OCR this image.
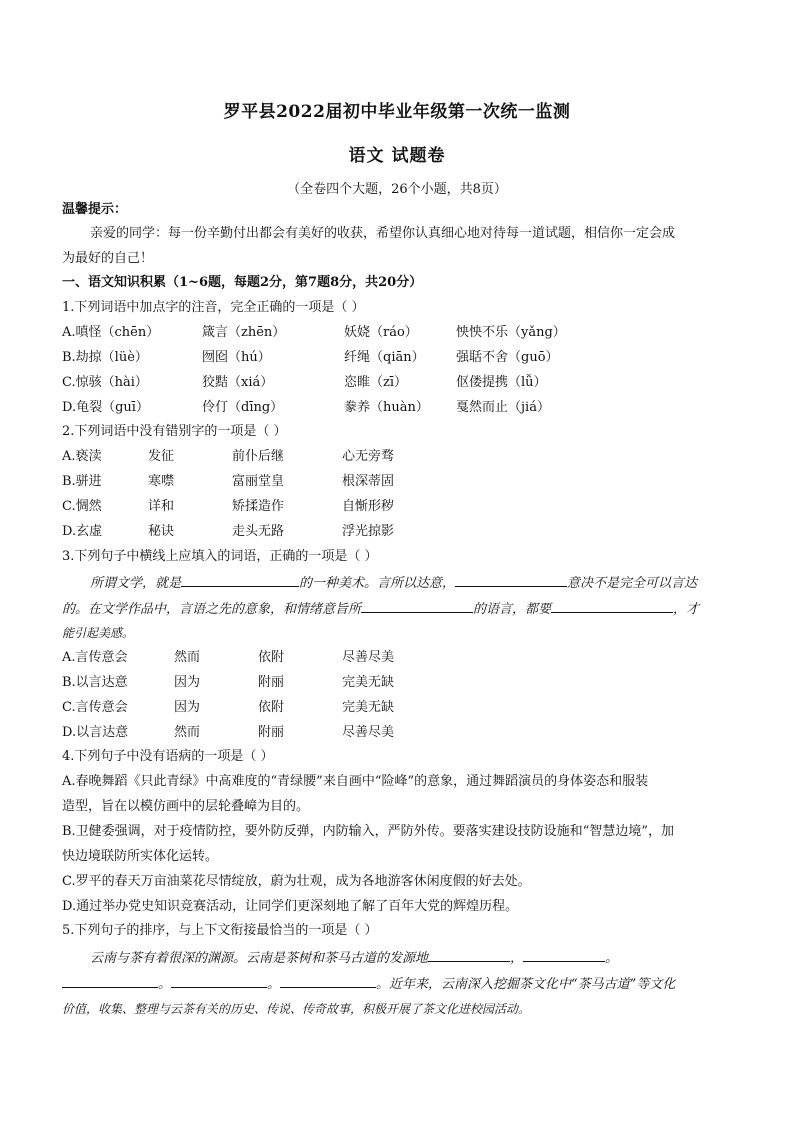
罗平县2022届初中毕业年级第一次统一监测
语文 试题卷
（全卷四个大题，26个小题，共8页）
温馨提示：
亲爱的同学：每一份辛勤付出都会有美好的收获，希望你认真细心地对待每一道试题，相信你一定会成
为最好的自己！
一、语文知识积累（1~6题，每题2分，第7题8分，共20分）
1.下列词语中加点字的注音，完全正确的一项是（ ）
A.嗔怪（chēn）	箴言（zhēn）	妖娆（ráo）	怏怏不乐（yǎng）
B.劫掠（lüè）	囫囵（hú）	纤绳（qiān） 强聒不舍（guō）
C.惊骇（hài）	狡黠（xiá）	恣睢（zī）	伛偻提携（lǚ）
D.龟裂（guī）	伶仃（dīng）	豢养（huàn） 戛然而止（jiá）
2.下列词语中没有错别字的一项是（ ）
A.亵渎	发征	前仆后继	心无旁骛
B.骈进	寒噤	富丽堂皇	根深蒂固
C.惆然	详和	矫揉造作	自惭形秽
D.玄虚	秘诀	走头无路	浮光掠影
3.下列句子中横线上应填入的词语，正确的一项是（ ）
所谓文学，就是	的一种美术。言所以达意，	意决不是完全可以言达
的。在文学作品中，言语之先的意象，和情绪意旨所	的语言，都要	，才
能引起美感。
A.言传意会	然而	依附	尽善尽美
B.以言达意	因为	附丽	完美无缺
C.言传意会	因为	依附	完美无缺
D.以言达意	然而	附丽	尽善尽美
4.下列句子中没有语病的一项是（ ）
A.春晚舞蹈《只此青绿》中高难度的“青绿腰”来自画中“险峰”的意象，通过舞蹈演员的身体姿态和服装
造型，旨在以模仿画中的层轮叠嶂为目的。
B.卫健委强调，对于疫情防控，要外防反弹，内防输入，严防外传。要落实建设技防设施和“智慧边境”，加
快边境联防所实体化运转。
C.罗平的春天万亩油菜花尽情绽放，蔚为壮观，成为各地游客休闲度假的好去处。
D.通过举办党史知识竞赛活动，让同学们更深刻地了解了百年大党的辉煌历程。
5.下列句子的排序，与上下文衔接最恰当的一项是（ ）
云南与茶有着很深的渊源。云南是茶树和茶马古道的发源地	，	。
。	。	。近年来，云南深入挖掘茶文化中“茶马古道”等文化
价值，收集、整理与云茶有关的历史、传说、传奇故事，积极开展了茶文化进校园活动。
